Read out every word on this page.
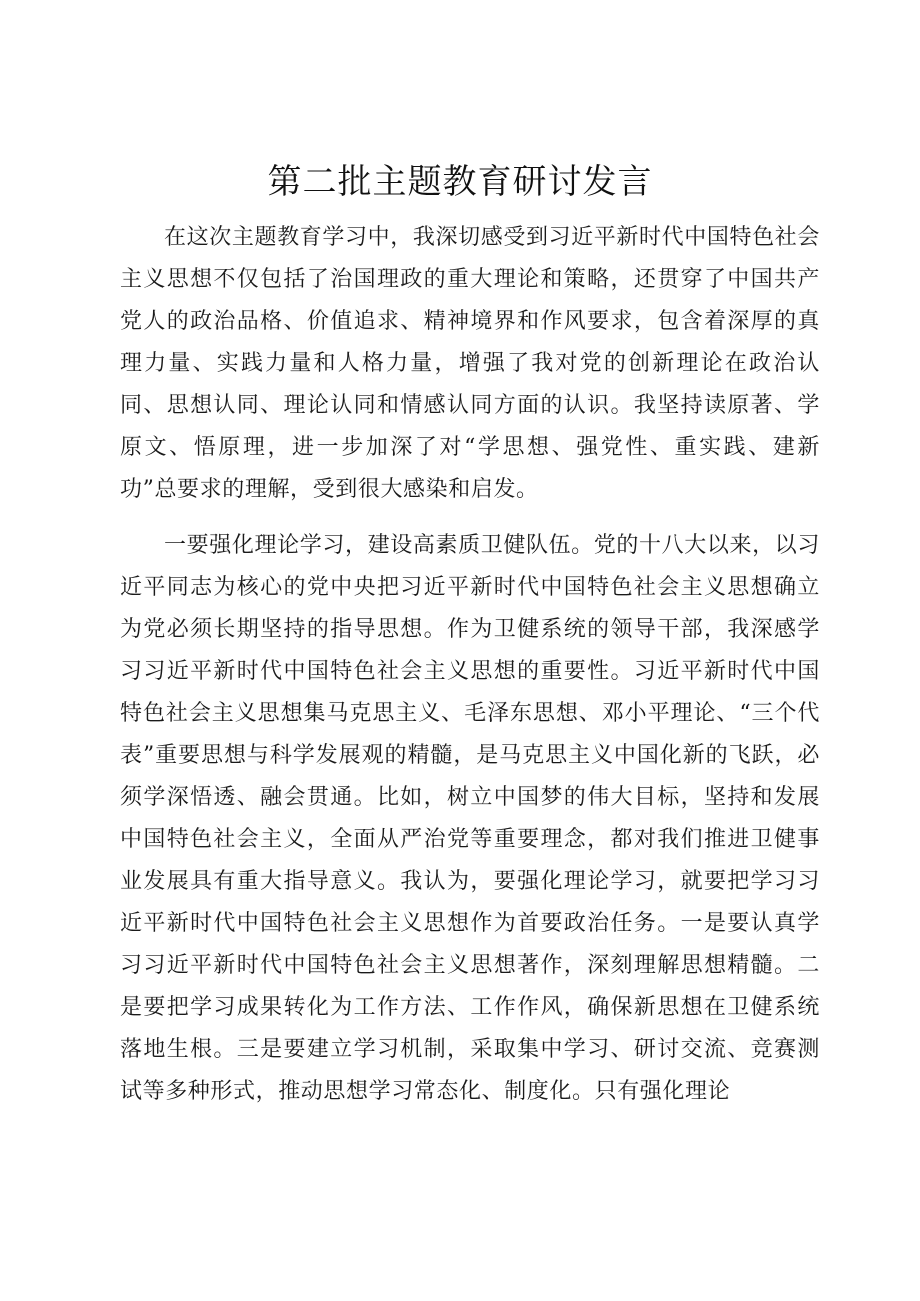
第二批主题教育研讨发言

在这次主题教育学习中，我深切感受到习近平新时代中国特色社会主义思想不仅包括了治国理政的重大理论和策略，还贯穿了中国共产党人的政治品格、价值追求、精神境界和作风要求，包含着深厚的真理力量、实践力量和人格力量，增强了我对党的创新理论在政治认同、思想认同、理论认同和情感认同方面的认识。我坚持读原著、学原文、悟原理，进一步加深了对“学思想、强党性、重实践、建新功”总要求的理解，受到很大感染和启发。

一要强化理论学习，建设高素质卫健队伍。党的十八大以来，以习近平同志为核心的党中央把习近平新时代中国特色社会主义思想确立为党必须长期坚持的指导思想。作为卫健系统的领导干部，我深感学习习近平新时代中国特色社会主义思想的重要性。习近平新时代中国特色社会主义思想集马克思主义、毛泽东思想、邓小平理论、“三个代表”重要思想与科学发展观的精髓，是马克思主义中国化新的飞跃，必须学深悟透、融会贯通。比如，树立中国梦的伟大目标，坚持和发展中国特色社会主义，全面从严治党等重要理念，都对我们推进卫健事业发展具有重大指导意义。我认为，要强化理论学习，就要把学习习近平新时代中国特色社会主义思想作为首要政治任务。一是要认真学习习近平新时代中国特色社会主义思想著作，深刻理解思想精髓。二是要把学习成果转化为工作方法、工作作风，确保新思想在卫健系统落地生根。三是要建立学习机制，采取集中学习、研讨交流、竞赛测试等多种形式，推动思想学习常态化、制度化。只有强化理论
